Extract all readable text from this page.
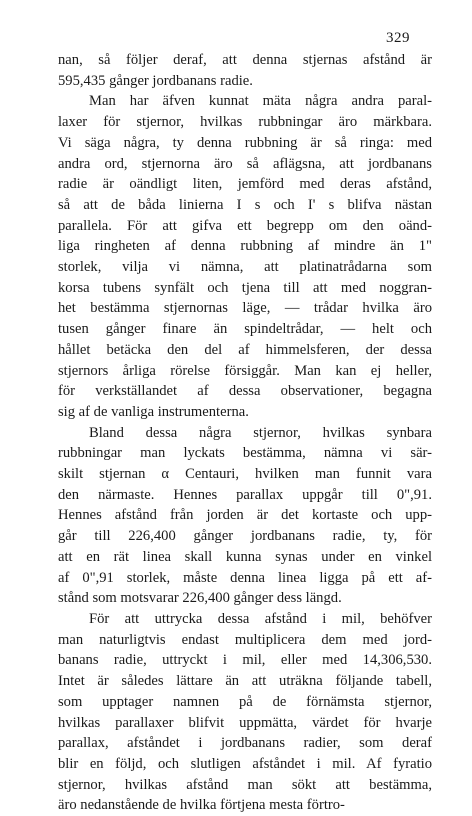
329
nan, så följer deraf, att denna stjernas afstånd är
595,435 gånger jordbanans radie.
Man har äfven kunnat mäta några andra paral-
laxer för stjernor, hvilkas rubbningar äro märkbara.
Vi säga några, ty denna rubbning är så ringa: med
andra ord, stjernorna äro så aflägsna, att jordbanans
radie är oändligt liten, jemförd med deras afstånd,
så att de båda linierna I s och I' s blifva nästan
parallela. För att gifva ett begrepp om den oänd-
liga ringheten af denna rubbning af mindre än 1"
storlek, vilja vi nämna, att platinatrådarna som
korsa tubens synfält och tjena till att med noggran-
het bestämma stjernornas läge, — trådar hvilka äro
tusen gånger finare än spindeltrådar, — helt och
hållet betäcka den del af himmelsferen, der dessa
stjernors årliga rörelse försiggår. Man kan ej heller,
för verkställandet af dessa observationer, begagna
sig af de vanliga instrumenterna.
Bland dessa några stjernor, hvilkas synbara
rubbningar man lyckats bestämma, nämna vi sär-
skilt stjernan α Centauri, hvilken man funnit vara
den närmaste. Hennes parallax uppgår till 0",91.
Hennes afstånd från jorden är det kortaste och upp-
går till 226,400 gånger jordbanans radie, ty, för
att en rät linea skall kunna synas under en vinkel
af 0",91 storlek, måste denna linea ligga på ett af-
stånd som motsvarar 226,400 gånger dess längd.
För att uttrycka dessa afstånd i mil, behöfver
man naturligtvis endast multiplicera dem med jord-
banans radie, uttryckt i mil, eller med 14,306,530.
Intet är således lättare än att uträkna följande tabell,
som upptager namnen på de förnämsta stjernor,
hvilkas parallaxer blifvit uppmätta, värdet för hvarje
parallax, afståndet i jordbanans radier, som deraf
blir en följd, och slutligen afståndet i mil. Af fyratio
stjernor, hvilkas afstånd man sökt att bestämma,
äro nedanstående de hvilka förtjena mesta förtro-
